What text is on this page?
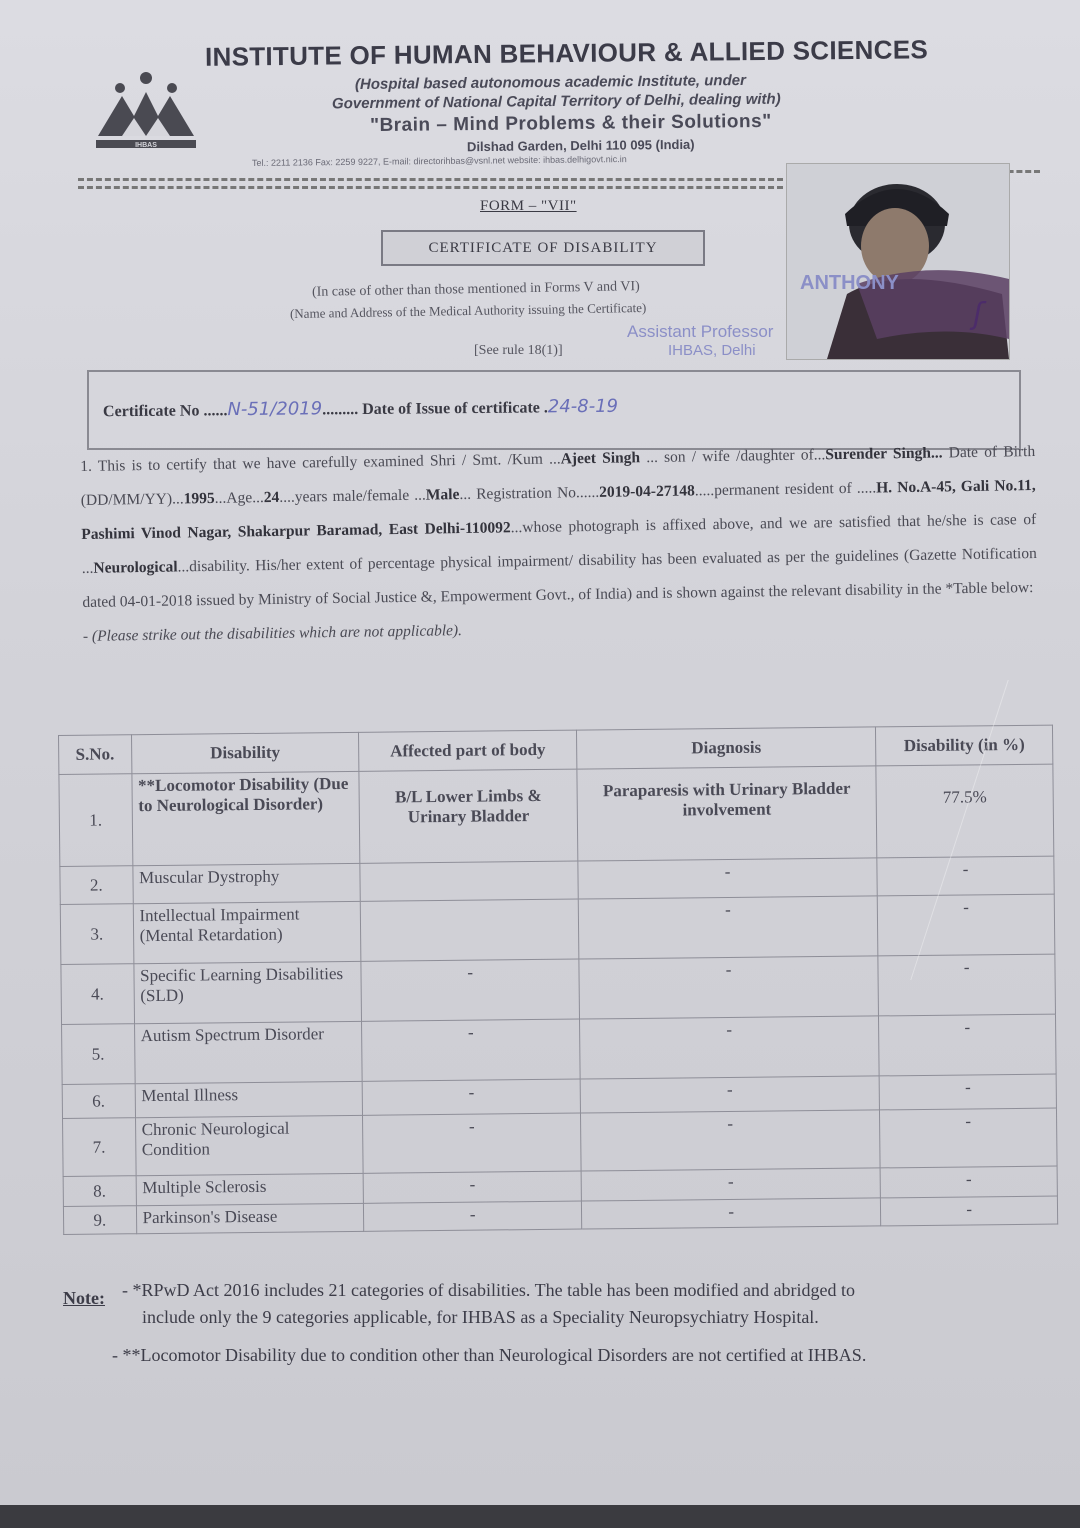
IHBAS
INSTITUTE OF HUMAN BEHAVIOUR & ALLIED SCIENCES
(Hospital based autonomous academic Institute, under
Government of National Capital Territory of Delhi, dealing with)
"Brain – Mind Problems & their Solutions"
Dilshad Garden, Delhi 110 095 (India)
Tel.: 2211 2136 Fax: 2259 9227, E-mail: directorihbas@vsnl.net website: ihbas.delhigovt.nic.in
FORM – "VII"
CERTIFICATE OF DISABILITY
ʃ
(In case of other than those mentioned in Forms V and VI)
(Name and Address of the Medical Authority issuing the Certificate)
ANTHONY
Assistant Professor
IHBAS, Delhi
[See rule 18(1)]
Certificate No ......N-51/2019......... Date of Issue of certificate .24-8-19
1. This is to certify that we have carefully examined Shri / Smt. /Kum ...Ajeet Singh ... son / wife /daughter of...Surender Singh... Date of Birth (DD/MM/YY)...1995...Age...24....years male/female ...Male... Registration No......2019-04-27148.....permanent resident of .....H. No.A-45, Gali No.11, Pashimi Vinod Nagar, Shakarpur Baramad, East Delhi-110092...whose photograph is affixed above, and we are satisfied that he/she is case of ...Neurological...disability. His/her extent of percentage physical impairment/ disability has been evaluated as per the guidelines (Gazette Notification dated 04-01-2018 issued by Ministry of Social Justice &, Empowerment Govt., of India) and is shown against the relevant disability in the *Table below:
- (Please strike out the disabilities which are not applicable).
S.No.	Disability	Affected part of body	Diagnosis	Disability (in %)
1.	**Locomotor Disability (Due to Neurological Disorder)	B/L Lower Limbs & Urinary Bladder	Paraparesis with Urinary Bladder involvement	77.5%
2.	Muscular Dystrophy		-	-
3.	Intellectual Impairment (Mental Retardation)		-	-
4.	Specific Learning Disabilities (SLD)	-	-	-
5.	Autism Spectrum Disorder	-	-	-
6.	Mental Illness	-	-	-
7.	Chronic Neurological Condition	-	-	-
8.	Multiple Sclerosis	-	-	-
9.	Parkinson's Disease	-	-	-
Note: - *RPwD Act 2016 includes 21 categories of disabilities. The table has been modified and abridged to
include only the 9 categories applicable, for IHBAS as a Speciality Neuropsychiatry Hospital.
- **Locomotor Disability due to condition other than Neurological Disorders are not certified at IHBAS.
